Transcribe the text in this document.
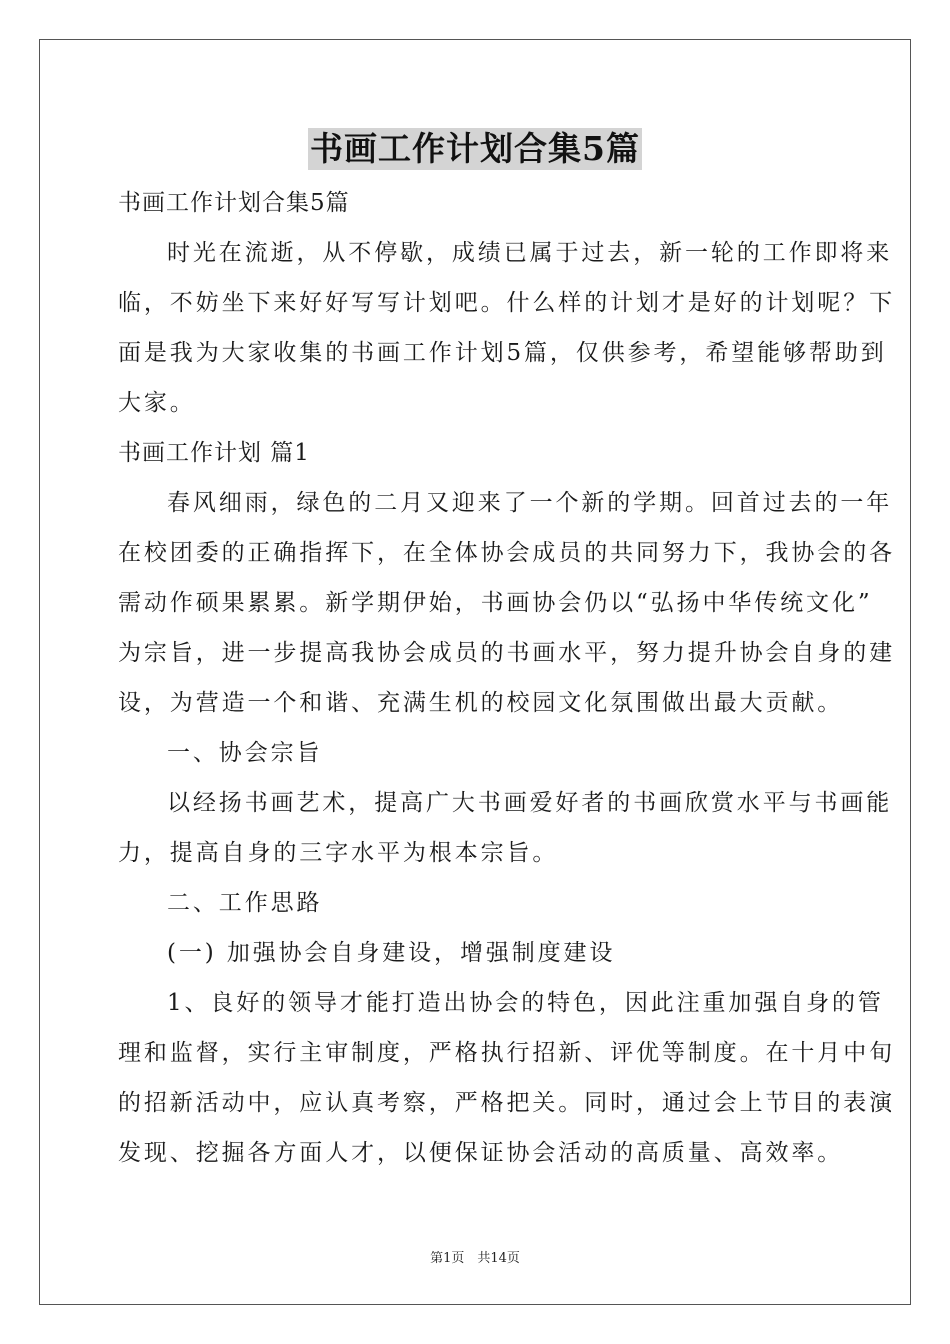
书画工作计划合集5篇

书画工作计划合集5篇

时光在流逝，从不停歇，成绩已属于过去，新一轮的工作即将来

临，不妨坐下来好好写写计划吧。什么样的计划才是好的计划呢？下

面是我为大家收集的书画工作计划5篇，仅供参考，希望能够帮助到

大家。

书画工作计划 篇1

春风细雨，绿色的二月又迎来了一个新的学期。回首过去的一年

在校团委的正确指挥下，在全体协会成员的共同努力下，我协会的各

需动作硕果累累。新学期伊始，书画协会仍以“弘扬中华传统文化”

为宗旨，进一步提高我协会成员的书画水平，努力提升协会自身的建

设，为营造一个和谐、充满生机的校园文化氛围做出最大贡献。

一、协会宗旨

以经扬书画艺术，提高广大书画爱好者的书画欣赏水平与书画能

力，提高自身的三字水平为根本宗旨。

二、工作思路

(一) 加强协会自身建设，增强制度建设

1、良好的领导才能打造出协会的特色，因此注重加强自身的管

理和监督，实行主审制度，严格执行招新、评优等制度。在十月中旬

的招新活动中，应认真考察，严格把关。同时，通过会上节目的表演

发现、挖掘各方面人才，以便保证协会活动的高质量、高效率。

第1页　共14页
